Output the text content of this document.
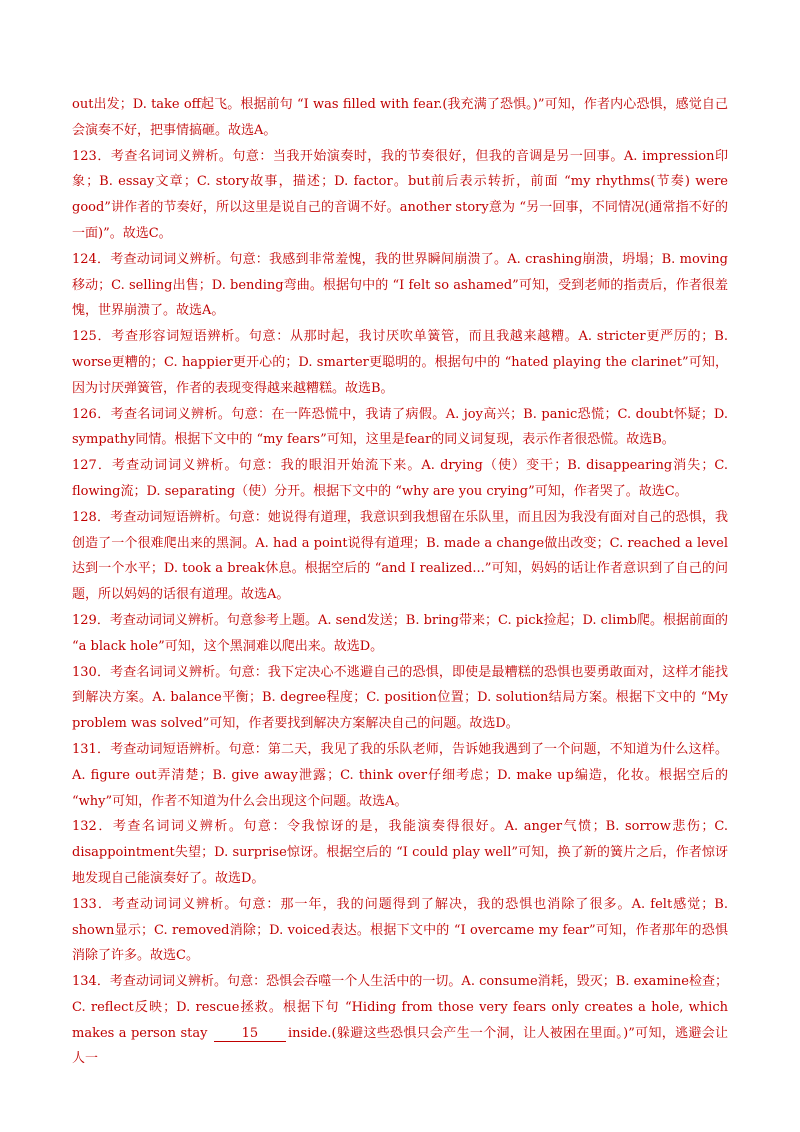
out出发；D. take off起飞。根据前句 “I was filled with fear.(我充满了恐惧。)”可知，作者内心恐惧，感觉自己会演奏不好，把事情搞砸。故选A。

123．考查名词词义辨析。句意：当我开始演奏时，我的节奏很好，但我的音调是另一回事。A. impression印象；B. essay文章；C. story故事，描述；D. factor。but前后表示转折，前面 “my rhythms(节奏) were good”讲作者的节奏好，所以这里是说自己的音调不好。another story意为 “另一回事，不同情况(通常指不好的一面)”。故选C。

124．考查动词词义辨析。句意：我感到非常羞愧，我的世界瞬间崩溃了。A. crashing崩溃，坍塌；B. moving移动；C. selling出售；D. bending弯曲。根据句中的 “I felt so ashamed”可知，受到老师的指责后，作者很羞愧，世界崩溃了。故选A。

125．考查形容词短语辨析。句意：从那时起，我讨厌吹单簧管，而且我越来越糟。A. stricter更严厉的；B. worse更糟的；C. happier更开心的；D. smarter更聪明的。根据句中的 “hated playing the clarinet”可知，因为讨厌弹簧管，作者的表现变得越来越糟糕。故选B。

126．考查名词词义辨析。句意：在一阵恐慌中，我请了病假。A. joy高兴；B. panic恐慌；C. doubt怀疑；D. sympathy同情。根据下文中的 “my fears”可知，这里是fear的同义词复现，表示作者很恐慌。故选B。

127．考查动词词义辨析。句意：我的眼泪开始流下来。A. drying（使）变干；B. disappearing消失；C. flowing流；D. separating（使）分开。根据下文中的 “why are you crying”可知，作者哭了。故选C。

128．考查动词短语辨析。句意：她说得有道理，我意识到我想留在乐队里，而且因为我没有面对自己的恐惧，我创造了一个很难爬出来的黑洞。A. had a point说得有道理；B. made a change做出改变；C. reached a level达到一个水平；D. took a break休息。根据空后的 “and I realized...”可知，妈妈的话让作者意识到了自己的问题，所以妈妈的话很有道理。故选A。

129．考查动词词义辨析。句意参考上题。A. send发送；B. bring带来；C. pick捡起；D. climb爬。根据前面的 “a black hole”可知，这个黑洞难以爬出来。故选D。

130．考查名词词义辨析。句意：我下定决心不逃避自己的恐惧，即使是最糟糕的恐惧也要勇敢面对，这样才能找到解决方案。A. balance平衡；B. degree程度；C. position位置；D. solution结局方案。根据下文中的 “My problem was solved”可知，作者要找到解决方案解决自己的问题。故选D。

131．考查动词短语辨析。句意：第二天，我见了我的乐队老师，告诉她我遇到了一个问题，不知道为什么这样。A. figure out弄清楚；B. give away泄露；C. think over仔细考虑；D. make up编造，化妆。根据空后的 “why”可知，作者不知道为什么会出现这个问题。故选A。

132．考查名词词义辨析。句意：令我惊讶的是，我能演奏得很好。A. anger气愤；B. sorrow悲伤；C. disappointment失望；D. surprise惊讶。根据空后的 “I could play well”可知，换了新的簧片之后，作者惊讶地发现自己能演奏好了。故选D。

133．考查动词词义辨析。句意：那一年，我的问题得到了解决，我的恐惧也消除了很多。A. felt感觉；B. shown显示；C. removed消除；D. voiced表达。根据下文中的 “I overcame my fear”可知，作者那年的恐惧消除了许多。故选C。

134．考查动词词义辨析。句意：恐惧会吞噬一个人生活中的一切。A. consume消耗，毁灭；B. examine检查；C. reflect反映；D. rescue拯救。根据下句 “Hiding from those very fears only creates a hole, which makes a person stay	15 inside.(躲避这些恐惧只会产生一个洞，让人被困在里面。)”可知，逃避会让人一
